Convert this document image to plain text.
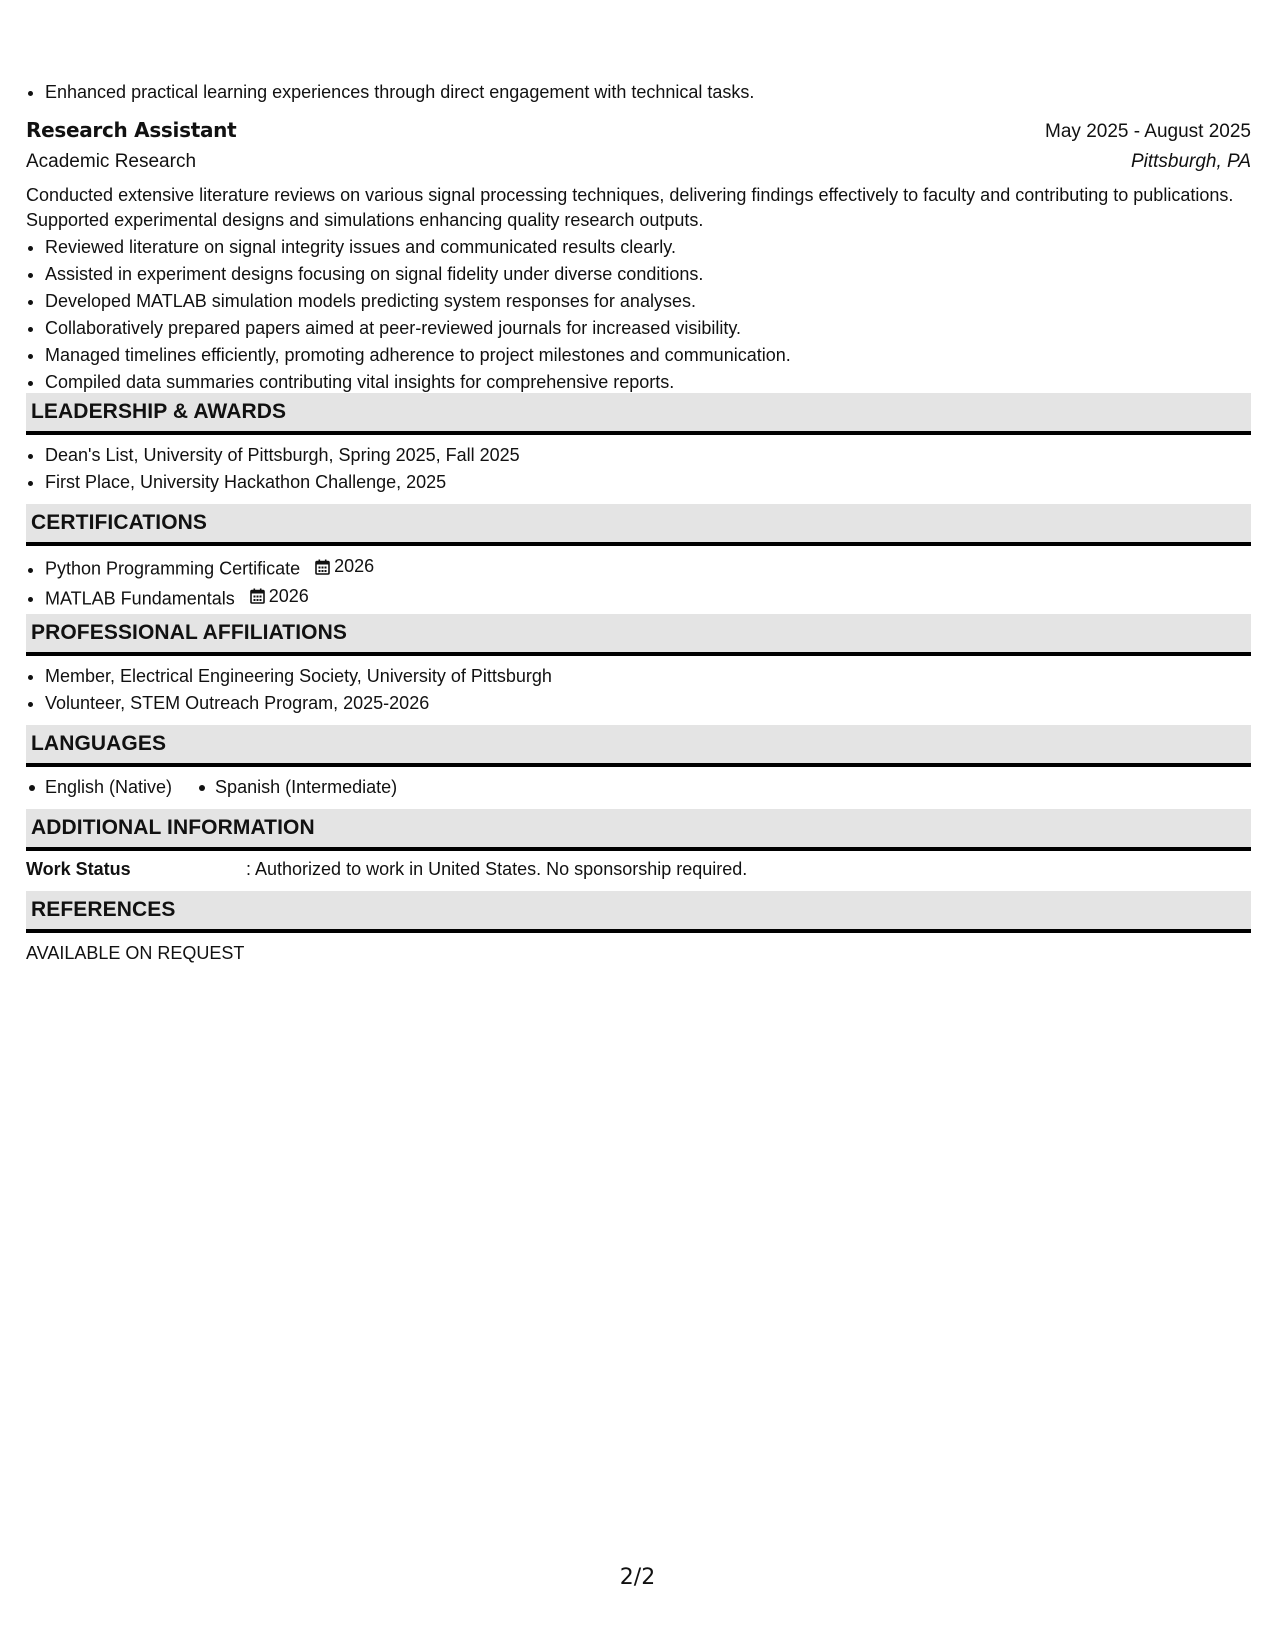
• Enhanced practical learning experiences through direct engagement with technical tasks.
Research Assistant	May 2025 - August 2025
Academic Research	Pittsburgh, PA
Conducted extensive literature reviews on various signal processing techniques, delivering findings effectively to faculty and contributing to publications. Supported experimental designs and simulations enhancing quality research outputs.
• Reviewed literature on signal integrity issues and communicated results clearly.
• Assisted in experiment designs focusing on signal fidelity under diverse conditions.
• Developed MATLAB simulation models predicting system responses for analyses.
• Collaboratively prepared papers aimed at peer-reviewed journals for increased visibility.
• Managed timelines efficiently, promoting adherence to project milestones and communication.
• Compiled data summaries contributing vital insights for comprehensive reports.
LEADERSHIP & AWARDS
• Dean's List, University of Pittsburgh, Spring 2025, Fall 2025
• First Place, University Hackathon Challenge, 2025
CERTIFICATIONS
• Python Programming Certificate 2026
• MATLAB Fundamentals 2026
PROFESSIONAL AFFILIATIONS
• Member, Electrical Engineering Society, University of Pittsburgh
• Volunteer, STEM Outreach Program, 2025-2026
LANGUAGES
English (Native)	Spanish (Intermediate)
ADDITIONAL INFORMATION
Work Status	: Authorized to work in United States. No sponsorship required.
REFERENCES
AVAILABLE ON REQUEST
2/2
